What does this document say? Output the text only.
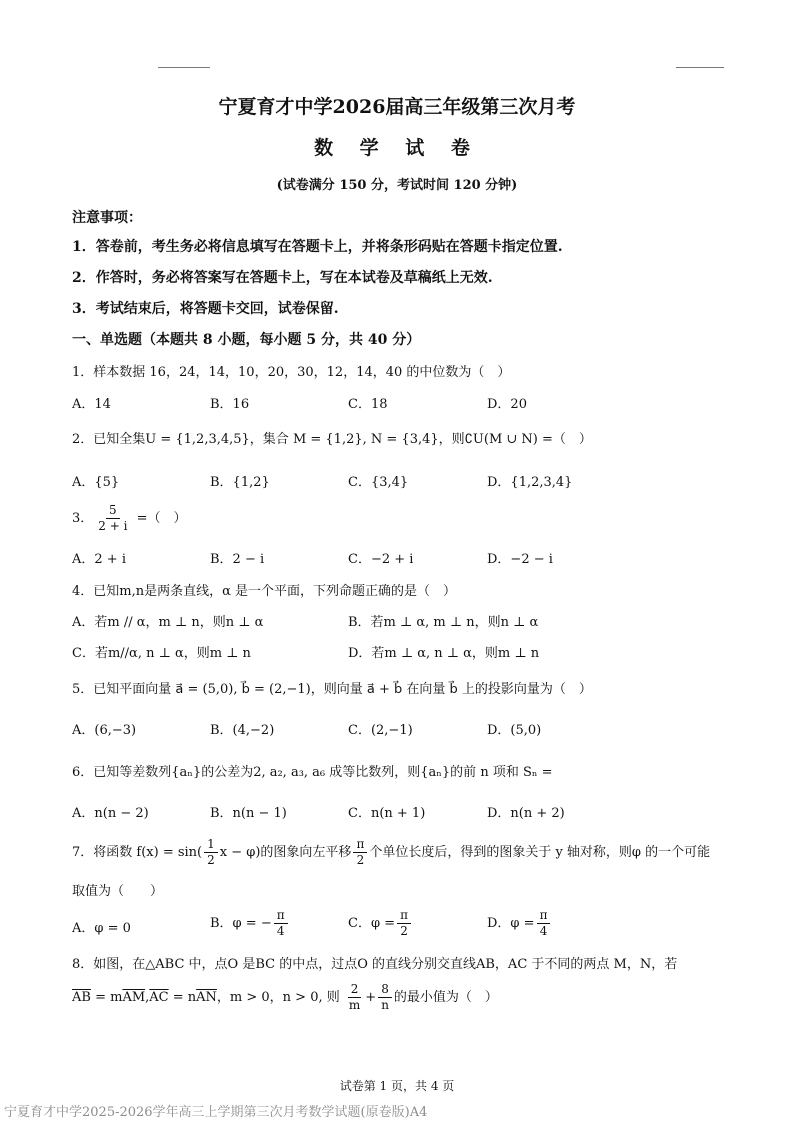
宁夏育才中学2026届高三年级第三次月考
数 学 试 卷
(试卷满分 150 分，考试时间 120 分钟)
注意事项：
1．答卷前，考生务必将信息填写在答题卡上，并将条形码贴在答题卡指定位置.
2．作答时，务必将答案写在答题卡上，写在本试卷及草稿纸上无效.
3．考试结束后，将答题卡交回，试卷保留.
一、单选题（本题共 8 小题，每小题 5 分，共 40 分）
1．样本数据 16，24，14，10，20，30，12，14，40 的中位数为（　）
A．14	B．16	C．18	D．20
2．已知全集U = {1,2,3,4,5}，集合 M = {1,2}, N = {3,4}，则∁U(M ∪ N) =（　）
A．{5}	B．{1,2}	C．{3,4}	D．{1,2,3,4}
3． $\frac{5}{2 + i}$ =（　）
A．2 + i	B．2 − i	C．−2 + i	D．−2 − i
4．已知m,n是两条直线，α 是一个平面，下列命题正确的是（　）
A．若m // α，m ⊥ n，则n ⊥ α	B．若m ⊥ α, m ⊥ n，则n ⊥ α
C．若m//α, n ⊥ α，则m ⊥ n	D．若m ⊥ α, n ⊥ α，则m ⊥ n
5．已知平面向量 a⃗ = (5,0), b⃗ = (2,−1)，则向量 a⃗ + b⃗ 在向量 b⃗ 上的投影向量为（　）
A．(6,−3)	B．(4,−2)	C．(2,−1)	D．(5,0)
6．已知等差数列{aₙ}的公差为2, a₂, a₃, a₆ 成等比数列，则{aₙ}的前 n 项和 Sₙ =
A．n(n − 2)	B．n(n − 1)	C．n(n + 1)	D．n(n + 2)
7．将函数 $f(x) = \sin( \frac{1}{2}$ x − φ)的图象向左平移 $\frac{\pi}{2}$ 个单位长度后，得到的图象关于 y 轴对称，则φ 的一个可能
取值为（　　）
A．φ = 0	B．φ = − $\frac{\pi}{4}$	C．$\varphi = \frac{\pi}{2}$	D．$\varphi = \frac{\pi}{4}$
8．如图，在△ABC 中，点O 是BC 的中点，过点O 的直线分别交直线AB，AC 于不同的两点 M，N，若
$\overline{AB} = m\overline{AM},\overline{AC} = n\overline{AN}$，m > 0，n > 0, 则 $\frac{2}{m} + \frac{8}{n}$ 的最小值为（　）
试卷第 1 页，共 4 页
宁夏育才中学2025-2026学年高三上学期第三次月考数学试题(原卷版)A4
